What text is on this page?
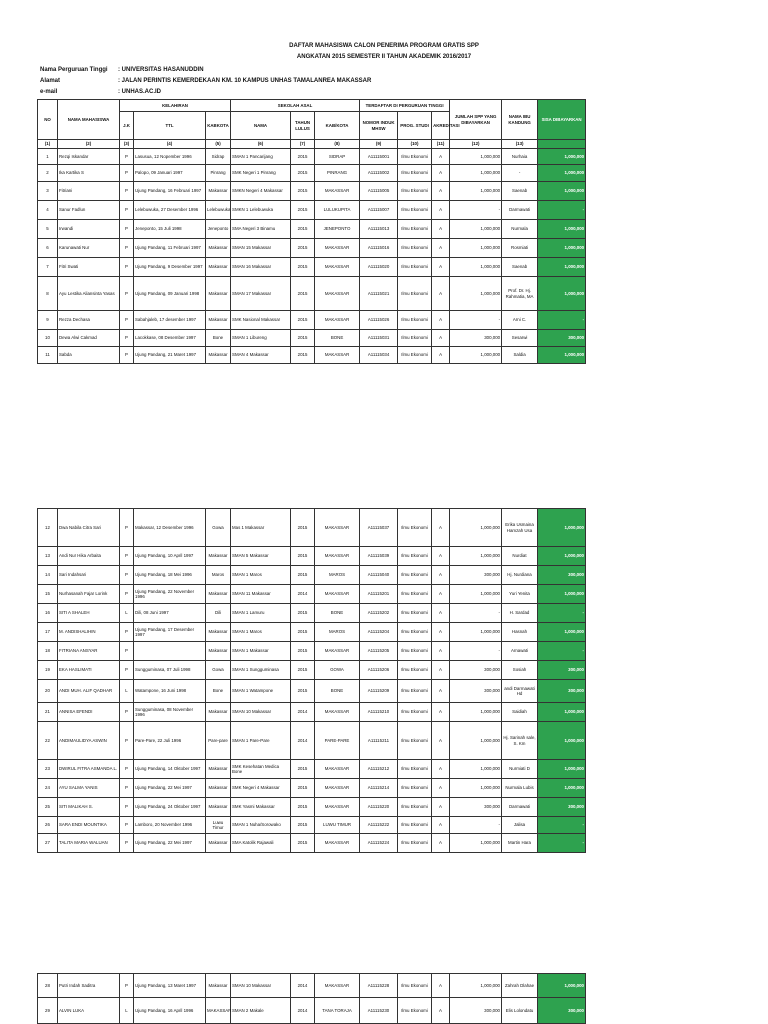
DAFTAR MAHASISWA CALON PENERIMA PROGRAM GRATIS SPP
ANGKATAN 2015 SEMESTER II TAHUN AKADEMIK 2016/2017
Nama Perguruan Tinggi : UNIVERSITAS HASANUDDIN
Alamat	: JALAN PERINTIS KEMERDEKAAN KM. 10 KAMPUS UNHAS TAMALANREA MAKASSAR
e-mail	: UNHAS.AC.ID
NO	NAMA MAHASISWA	KELAHIRAN			SEKOLAH ASAL			TERDAFTAR DI PERGURUAN TINGGI			JUMLAH SPP YANG DIBAYARKAN	NAMA IBU KANDUNG	SISA DIBAYARKAN
		J.K	TTL	KABKOTA	NAMA	TAHUN LULUS	KAB/KOTA	NOMOR INDUK MHSW	PROG. STUDI	AKREDITASI			
(1)	(2)	(3)	(4)	(5)	(6)	(7)	(8)	(9)	(10)	(11)	(12)	(13)	
1	Rezqi Iskandar	P	Lasusua, 12 Nopember 1996	Sidrap	SMAN 1 Pancarijang	2015	SIDRAP	A11115001	Ilmu Ekonomi	A	1,000,000	Nurhaia	1,000,000
2	Ika Kartika S	P	Palopo, 09 Januari 1997	Pinrang	SMK Negeri 1 Pinrang	2015	PINRANG	A11115002	Ilmu Ekonomi	A	1,000,000	-	1,000,000
3	Fitriani	P	Ujung Pandang, 16 Februari 1997	Makassar	SMKN Negeri 4 Makassar	2015	MAKASSAR	A11115005	Ilmu Ekonomi	A	1,000,000	Saenab	1,000,000
4	Sanur Fadlun	P	Lelebuwuka, 27 Desember 1996	Lelebuwuka	SMKN 1 Lelebuwuka	2015	LULUKUPITA	A11115007	Ilmu Ekonomi	A	-	Darmawati	-
5	Irwandi	P	Jeneponto, 15 Juli 1998	Jeneponto	SMA Negeri 3 Binamu	2015	JENEPONTO	A11115013	Ilmu Ekonomi	A	1,000,000	Nurmala	1,000,000
6	Karunawati Nur	P	Ujung Pandang, 11 Februari 1997	Makassar	SMAN 15 Makassar	2015	MAKASSAR	A11115016	Ilmu Ekonomi	A	1,000,000	Rosmiati	1,000,000
7	Fitri Swati	P	Ujung Pandang, 9 Desember 1997	Makassar	SMAN 16 Makassar	2015	MAKASSAR	A11115020	Ilmu Ekonomi	A	1,000,000	Saenab	1,000,000
8	Ayu Lestika Aliansinta Yasas	P	Ujung Pandang, 09 Januari 1998	Makassar	SMAN 17 Makassar	2015	MAKASSAR	A11115021	Ilmu Ekonomi	A	1,000,000	Prof. Dr. Hj. Rahmatia, MA	1,000,000
9	Rezza Dechasa	P	Sabahjaleb, 17 desember 1997	Makassar	SMK Nasional Makassar	2015	MAKASSAR	A11115026	Ilmu Ekonomi	A	-	Arni C.	-
10	Dewa Alwi Cakmad	P	Lacokkase, 08 Desember 1997	Bone	SMAN 1 Libureng	2015	BONE	A11115031	Ilmu Ekonomi	A	300,000	Sesarwi	300,000
11	Sabda	P	Ujung Pandang, 21 Maret 1997	Makassar	SMAN 4 Makassar	2015	MAKASSAR	A11115034	Ilmu Ekonomi	A	1,000,000	Saldia	1,000,000
12	Dwa Nabila Citra Sari	P	Makassar, 12 Desember 1996	Gowa	Mas 1 Makassar	2015	MAKASSAR	A11115037	Ilmu Ekonomi	A	1,000,000	Erika Usmaina Hamzah Usa	1,000,000
13	Andi Nur Hika Arbaita	P	Ujung Pandang, 10 April 1997	Makassar	SMAN 5 Makassar	2015	MAKASSAR	A11115039	Ilmu Ekonomi	A	1,000,000	Nurdiat	1,000,000
14	Sari Indahsari	P	Ujung Pandang, 18 Mei 1996	Maros	SMAN 1 Maros	2015	MAROS	A11115040	Ilmu Ekonomi	A	300,000	Hj. Nurdiana	300,000
15	Nurhasanah Fajar Lorink	P	Ujung Pandang, 22 November 1996	Makassar	SMAN 11 Makassar	2014	MAKASSAR	A11115201	Ilmu Ekonomi	A	1,000,000	Yuri Yenita	1,000,000
16	SITI A SHALEH	L	Dili, 08 Juni 1997	Dili	SMAN 1 Lamuru	2015	BONE	A11115202	Ilmu Ekonomi	A	-	H. Sardad	-
17	M. ANDISHALIHIN	P	Ujung Pandang, 17 Desember 1997	Makassar	SMAN 1 Maros	2015	MAROS	A11115204	Ilmu Ekonomi	A	1,000,000	Hasnah	1,000,000
18	FITRIANA ANSYAR	P		Makassar	SMAN 1 Makassar	2015	MAKASSAR	A11115205	Ilmu Ekonomi	A	-	Arnawati	-
19	EKA HASLIMATI	P	Sungguminasa, 07 Juli 1998	Gowa	SMAN 1 Sungguminasa	2015	GOWA	A11115206	Ilmu Ekonomi	A	300,000	Sosiah	300,000
20	ANDI MUH. ALIF QADHAR	L	Watampone, 16 Juni 1998	Bone	SMAN 1 Watampone	2015	BONE	A11115209	Ilmu Ekonomi	A	300,000	andi Darmawati Hd	300,000
21	ANNISA EFENDI	P	Sungguminasa, 08 November 1996	Makassar	SMAN 10 Makassar	2014	MAKASSAR	A11115210	Ilmu Ekonomi	A	1,000,000	Saidiah	1,000,000
22	ANDIMAULIDYA ASWIN	P	Pare-Pare, 22 Juli 1996	Pare-pare	SMAN 1 Pare-Pare	2014	PARE-PARE	A11115211	Ilmu Ekonomi	A	1,000,000	Hj. Sarinah sale, S. Km	1,000,000
23	DWIRUL FITRA ASMANDA L.	P	Ujung Pandang, 14 Oktober 1997	Makassar	SMK Kesehatan Medica Bone	2015	MAKASSAR	A11115212	Ilmu Ekonomi	A	1,000,000	Nurmiati D	1,000,000
24	AYU SALMA YANIS	P	Ujung Pandang, 22 Mei 1997	Makassar	SMK Negeri 4 Makassar	2015	MAKASSAR	A11115214	Ilmu Ekonomi	A	1,000,000	Nurmala Lubis	1,000,000
25	SITI MALIKAH S.	P	Ujung Pandang, 24 Oktober 1997	Makassar	SMK Yasmi Makassar	2015	MAKASSAR	A11115220	Ilmu Ekonomi	A	300,000	Darmawati	300,000
26	SARA ENDI MOUNTIKA	P	Lamboro, 20 November 1996	Luwu Timur	SMAN 1 Nuha/Sorowako	2015	LUWU TIMUR	A11115222	Ilmu Ekonomi	A	-	Jalisa	-
27	TALITA MARIA WALUAN	P	Ujung Pandang, 22 Mei 1997	Makassar	SMA Katolik Rajawali	2015	MAKASSAR	A11115224	Ilmu Ekonomi	A	1,000,000	Martin Hara	-
28	Putri Indah Saditra	P	Ujung Pandang, 13 Maret 1997	Makassar	SMAN 10 Makassar	2014	MAKASSAR	A11115228	Ilmu Ekonomi	A	1,000,000	Zahrah Dlahae	1,000,000
29	ALVIN LUKA	L	Ujung Pandang, 16 April 1996	MAKASSAR	SMAN 2 Makale	2014	TANA TORAJA	A11115230	Ilmu Ekonomi	A	300,000	Elis Lolondatu	300,000
